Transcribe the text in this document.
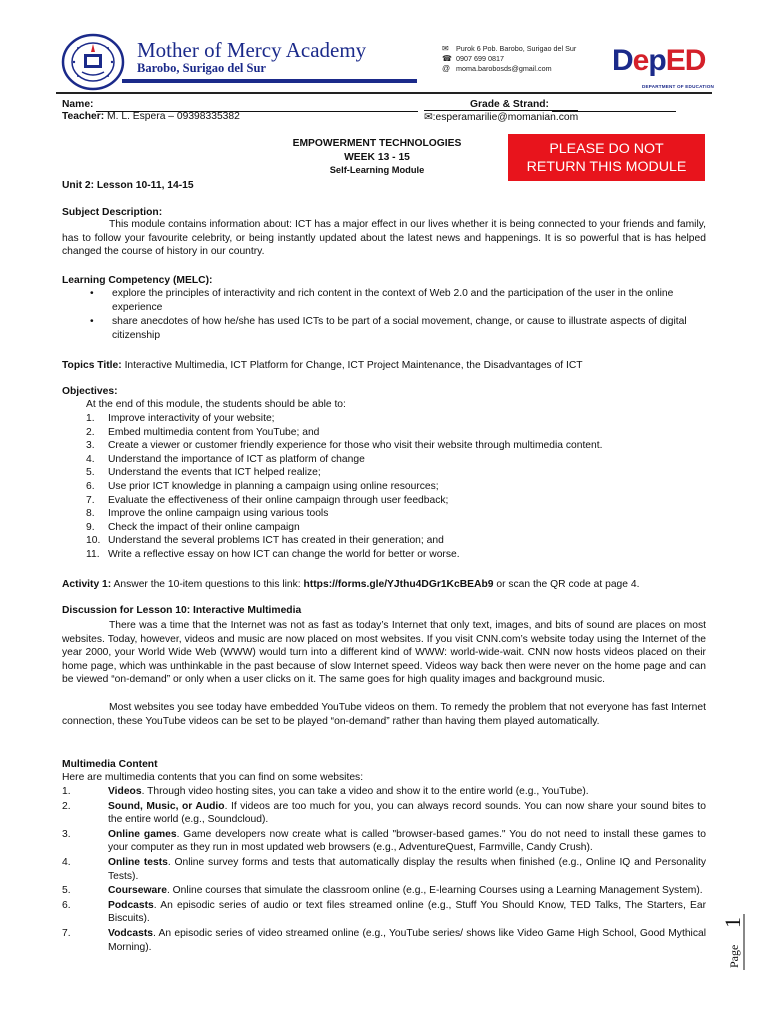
Mother of Mercy Academy
Barobo, Surigao del Sur
✉ Purok 6 Pob. Barobo, Surigao del Sur
☎ 0907 699 0817
@ moma.barobosds@gmail.com DepED
DEPARTMENT OF EDUCATION
Name:	Grade & Strand:
Teacher: M. L. Espera – 09398335382	✉:esperamarilie@momanian.com
EMPOWERMENT TECHNOLOGIES
WEEK 13 - 15
Self-Learning Module
PLEASE DO NOT RETURN THIS MODULE
Unit 2: Lesson 10-11, 14-15
Subject Description:

This module contains information about: ICT has a major effect in our lives whether it is being connected to your friends and family, has to follow your favourite celebrity, or being instantly updated about the latest news and happenings. It is so powerful that is has helped changed the course of history in our country.

Learning Competency (MELC):
• explore the principles of interactivity and rich content in the context of Web 2.0 and the participation of the user in the online experience
• share anecdotes of how he/she has used ICTs to be part of a social movement, change, or cause to illustrate aspects of digital citizenship
Topics Title: Interactive Multimedia, ICT Platform for Change, ICT Project Maintenance, the Disadvantages of ICT
Objectives:
At the end of this module, the students should be able to:
1.	Improve interactivity of your website;
2.	Embed multimedia content from YouTube; and
3.	Create a viewer or customer friendly experience for those who visit their website through multimedia content.
4.	Understand the importance of ICT as platform of change
5.	Understand the events that ICT helped realize;
6.	Use prior ICT knowledge in planning a campaign using online resources;
7.	Evaluate the effectiveness of their online campaign through user feedback;
8.	Improve the online campaign using various tools
9.	Check the impact of their online campaign
10. Understand the several problems ICT has created in their generation; and
11. Write a reflective essay on how ICT can change the world for better or worse.
Activity 1: Answer the 10-item questions to this link: https://forms.gle/YJthu4DGr1KcBEAb9 or scan the QR code at page 4.
Discussion for Lesson 10: Interactive Multimedia

There was a time that the Internet was not as fast as today’s Internet that only text, images, and bits of sound are places on most websites. Today, however, videos and music are now placed on most websites. If you visit CNN.com’s website today using the Internet of the year 2000, your World Wide Web (WWW) would turn into a different kind of WWW: world-wide-wait. CNN now hosts videos placed on their home page, which was unthinkable in the past because of slow Internet speed. Videos way back then were never on the home page and can be viewed “on-demand” or only when a user clicks on it. The same goes for high quality images and background music.

Most websites you see today have embedded YouTube videos on them. To remedy the problem that not everyone has fast Internet connection, these YouTube videos can be set to be played “on-demand” rather than having them played automatically.

Multimedia Content
Here are multimedia contents that you can find on some websites:
1.	Videos. Through video hosting sites, you can take a video and show it to the entire world (e.g., YouTube).
2.	Sound, Music, or Audio. If videos are too much for you, you can always record sounds. You can now share your sound bites to the entire world (e.g., Soundcloud).
3.	Online games. Game developers now create what is called "browser-based games." You do not need to install these games to your computer as they run in most updated web browsers (e.g., AdventureQuest, Farmville, Candy Crush).
4.	Online tests. Online survey forms and tests that automatically display the results when finished (e.g., Online IQ and Personality Tests).
5.	Courseware. Online courses that simulate the classroom online (e.g., E-learning Courses using a Learning Management System).
6.	Podcasts. An episodic series of audio or text files streamed online (e.g., Stuff You Should Know, TED Talks, The Starters, Ear Biscuits).
7.	Vodcasts. An episodic series of video streamed online (e.g., YouTube series/ shows like Video Game High School, Good Mythical Morning).	Page
1
